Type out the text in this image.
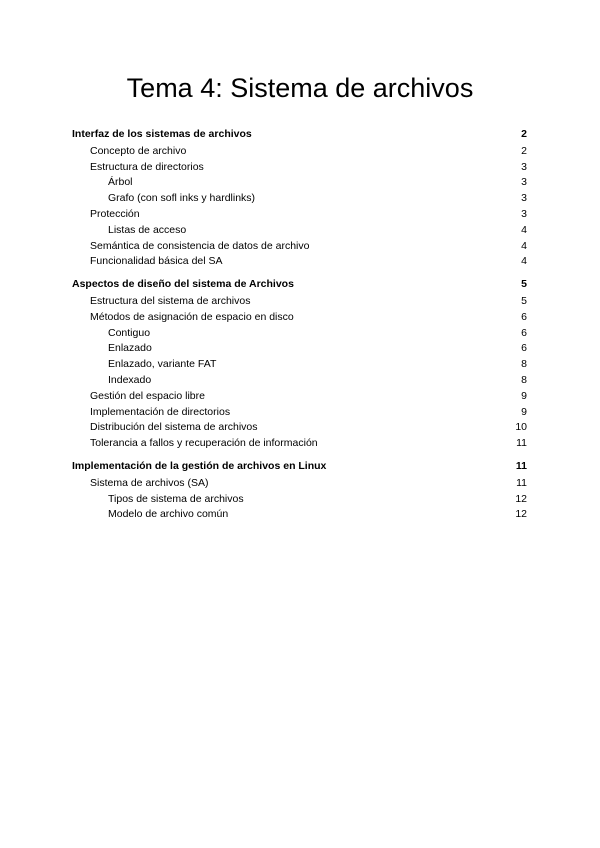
Tema 4: Sistema de archivos
Interfaz de los sistemas de archivos	2
Concepto de archivo	2
Estructura de directorios	3
Árbol	3
Grafo (con sofl inks y hardlinks)	3
Protección	3
Listas de acceso	4
Semántica de consistencia de datos de archivo	4
Funcionalidad básica del SA	4
Aspectos de diseño del sistema de Archivos	5
Estructura del sistema de archivos	5
Métodos de asignación de espacio en disco	6
Contiguo	6
Enlazado	6
Enlazado, variante FAT	8
Indexado	8
Gestión del espacio libre	9
Implementación de directorios	9
Distribución del sistema de archivos	10
Tolerancia a fallos y recuperación de información	11
Implementación de la gestión de archivos en Linux	11
Sistema de archivos (SA)	11
Tipos de sistema de archivos	12
Modelo de archivo común	12
